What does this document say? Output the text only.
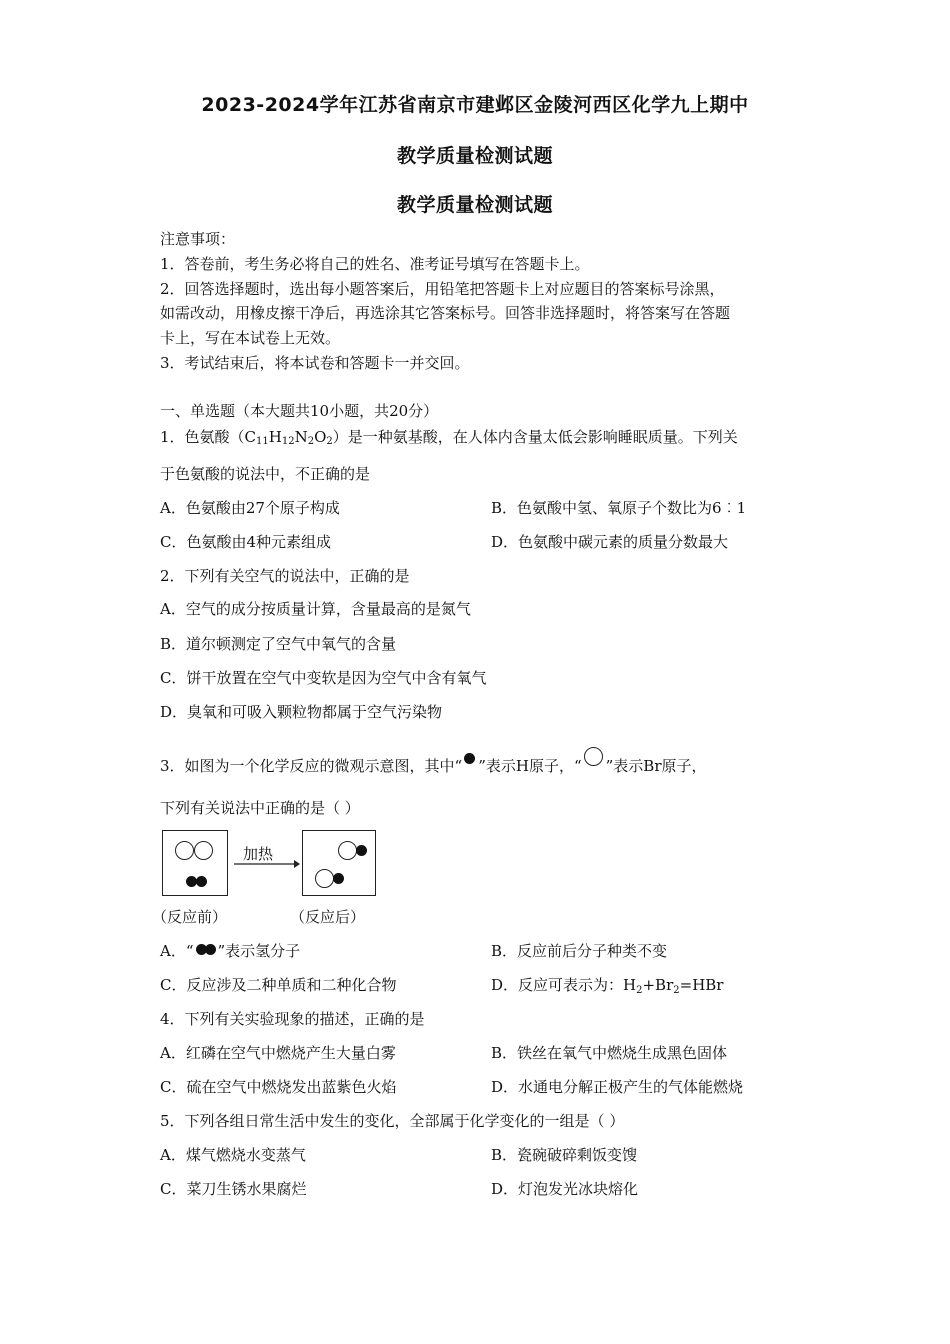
2023-2024学年江苏省南京市建邺区金陵河西区化学九上期中
教学质量检测试题
教学质量检测试题
注意事项：
1．答卷前，考生务必将自己的姓名、准考证号填写在答题卡上。
2．回答选择题时，选出每小题答案后，用铅笔把答题卡上对应题目的答案标号涂黑，
如需改动，用橡皮擦干净后，再选涂其它答案标号。回答非选择题时，将答案写在答题
卡上，写在本试卷上无效。
3．考试结束后，将本试卷和答题卡一并交回。
一、单选题（本大题共10小题，共20分）
1．色氨酸$(C_{11}H_{12}N_2O_2)$是一种氨基酸，在人体内含量太低会影响睡眠质量。下列关
于色氨酸的说法中，不正确的是
A．色氨酸由27个原子构成	B．色氨酸中氢、氧原子个数比为6︰1
C．色氨酸由4种元素组成	D．色氨酸中碳元素的质量分数最大
2．下列有关空气的说法中，正确的是
A．空气的成分按质量计算，含量最高的是氮气
B．道尔顿测定了空气中氧气的含量
C．饼干放置在空气中变软是因为空气中含有氧气
D．臭氧和可吸入颗粒物都属于空气污染物
3．如图为一个化学反应的微观示意图，其中“ ”表示H原子，“ ”表示Br原子，
下列有关说法中正确的是（ ）
加热
（反应前）	（反应后）
A．“ ”表示氢分子	B．反应前后分子种类不变
C．反应涉及二种单质和二种化合物	D．反应可表示为：$H_2+Br_2=HBr$
4．下列有关实验现象的描述，正确的是
A．红磷在空气中燃烧产生大量白雾	B．铁丝在氧气中燃烧生成黑色固体
C．硫在空气中燃烧发出蓝紫色火焰	D．水通电分解正极产生的气体能燃烧
5．下列各组日常生活中发生的变化，全部属于化学变化的一组是（ ）
A．煤气燃烧水变蒸气	B．瓷碗破碎剩饭变馊
C．菜刀生锈水果腐烂	D．灯泡发光冰块熔化
